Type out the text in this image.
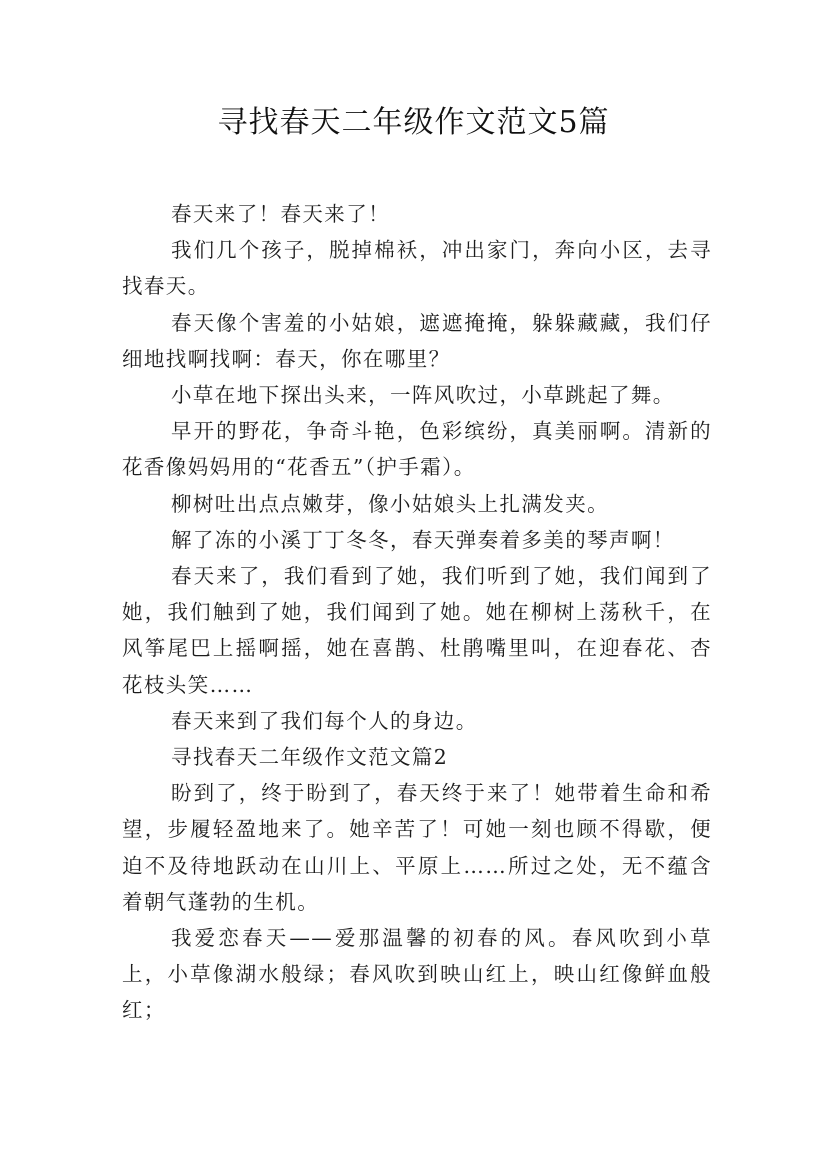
寻找春天二年级作文范文5篇

春天来了！春天来了！

我们几个孩子，脱掉棉袄，冲出家门，奔向小区，去寻找春天。

春天像个害羞的小姑娘，遮遮掩掩，躲躲藏藏，我们仔细地找啊找啊：春天，你在哪里？

小草在地下探出头来，一阵风吹过，小草跳起了舞。

早开的野花，争奇斗艳，色彩缤纷，真美丽啊。清新的花香像妈妈用的“花香五”（护手霜）。

柳树吐出点点嫩芽，像小姑娘头上扎满发夹。

解了冻的小溪丁丁冬冬，春天弹奏着多美的琴声啊！

春天来了，我们看到了她，我们听到了她，我们闻到了她，我们触到了她，我们闻到了她。她在柳树上荡秋千，在风筝尾巴上摇啊摇，她在喜鹊、杜鹃嘴里叫，在迎春花、杏花枝头笑……

春天来到了我们每个人的身边。

寻找春天二年级作文范文篇2

盼到了，终于盼到了，春天终于来了！她带着生命和希望，步履轻盈地来了。她辛苦了！可她一刻也顾不得歇，便迫不及待地跃动在山川上、平原上……所过之处，无不蕴含着朝气蓬勃的生机。

我爱恋春天——爱那温馨的初春的风。春风吹到小草上，小草像湖水般绿；春风吹到映山红上，映山红像鲜血般红；
